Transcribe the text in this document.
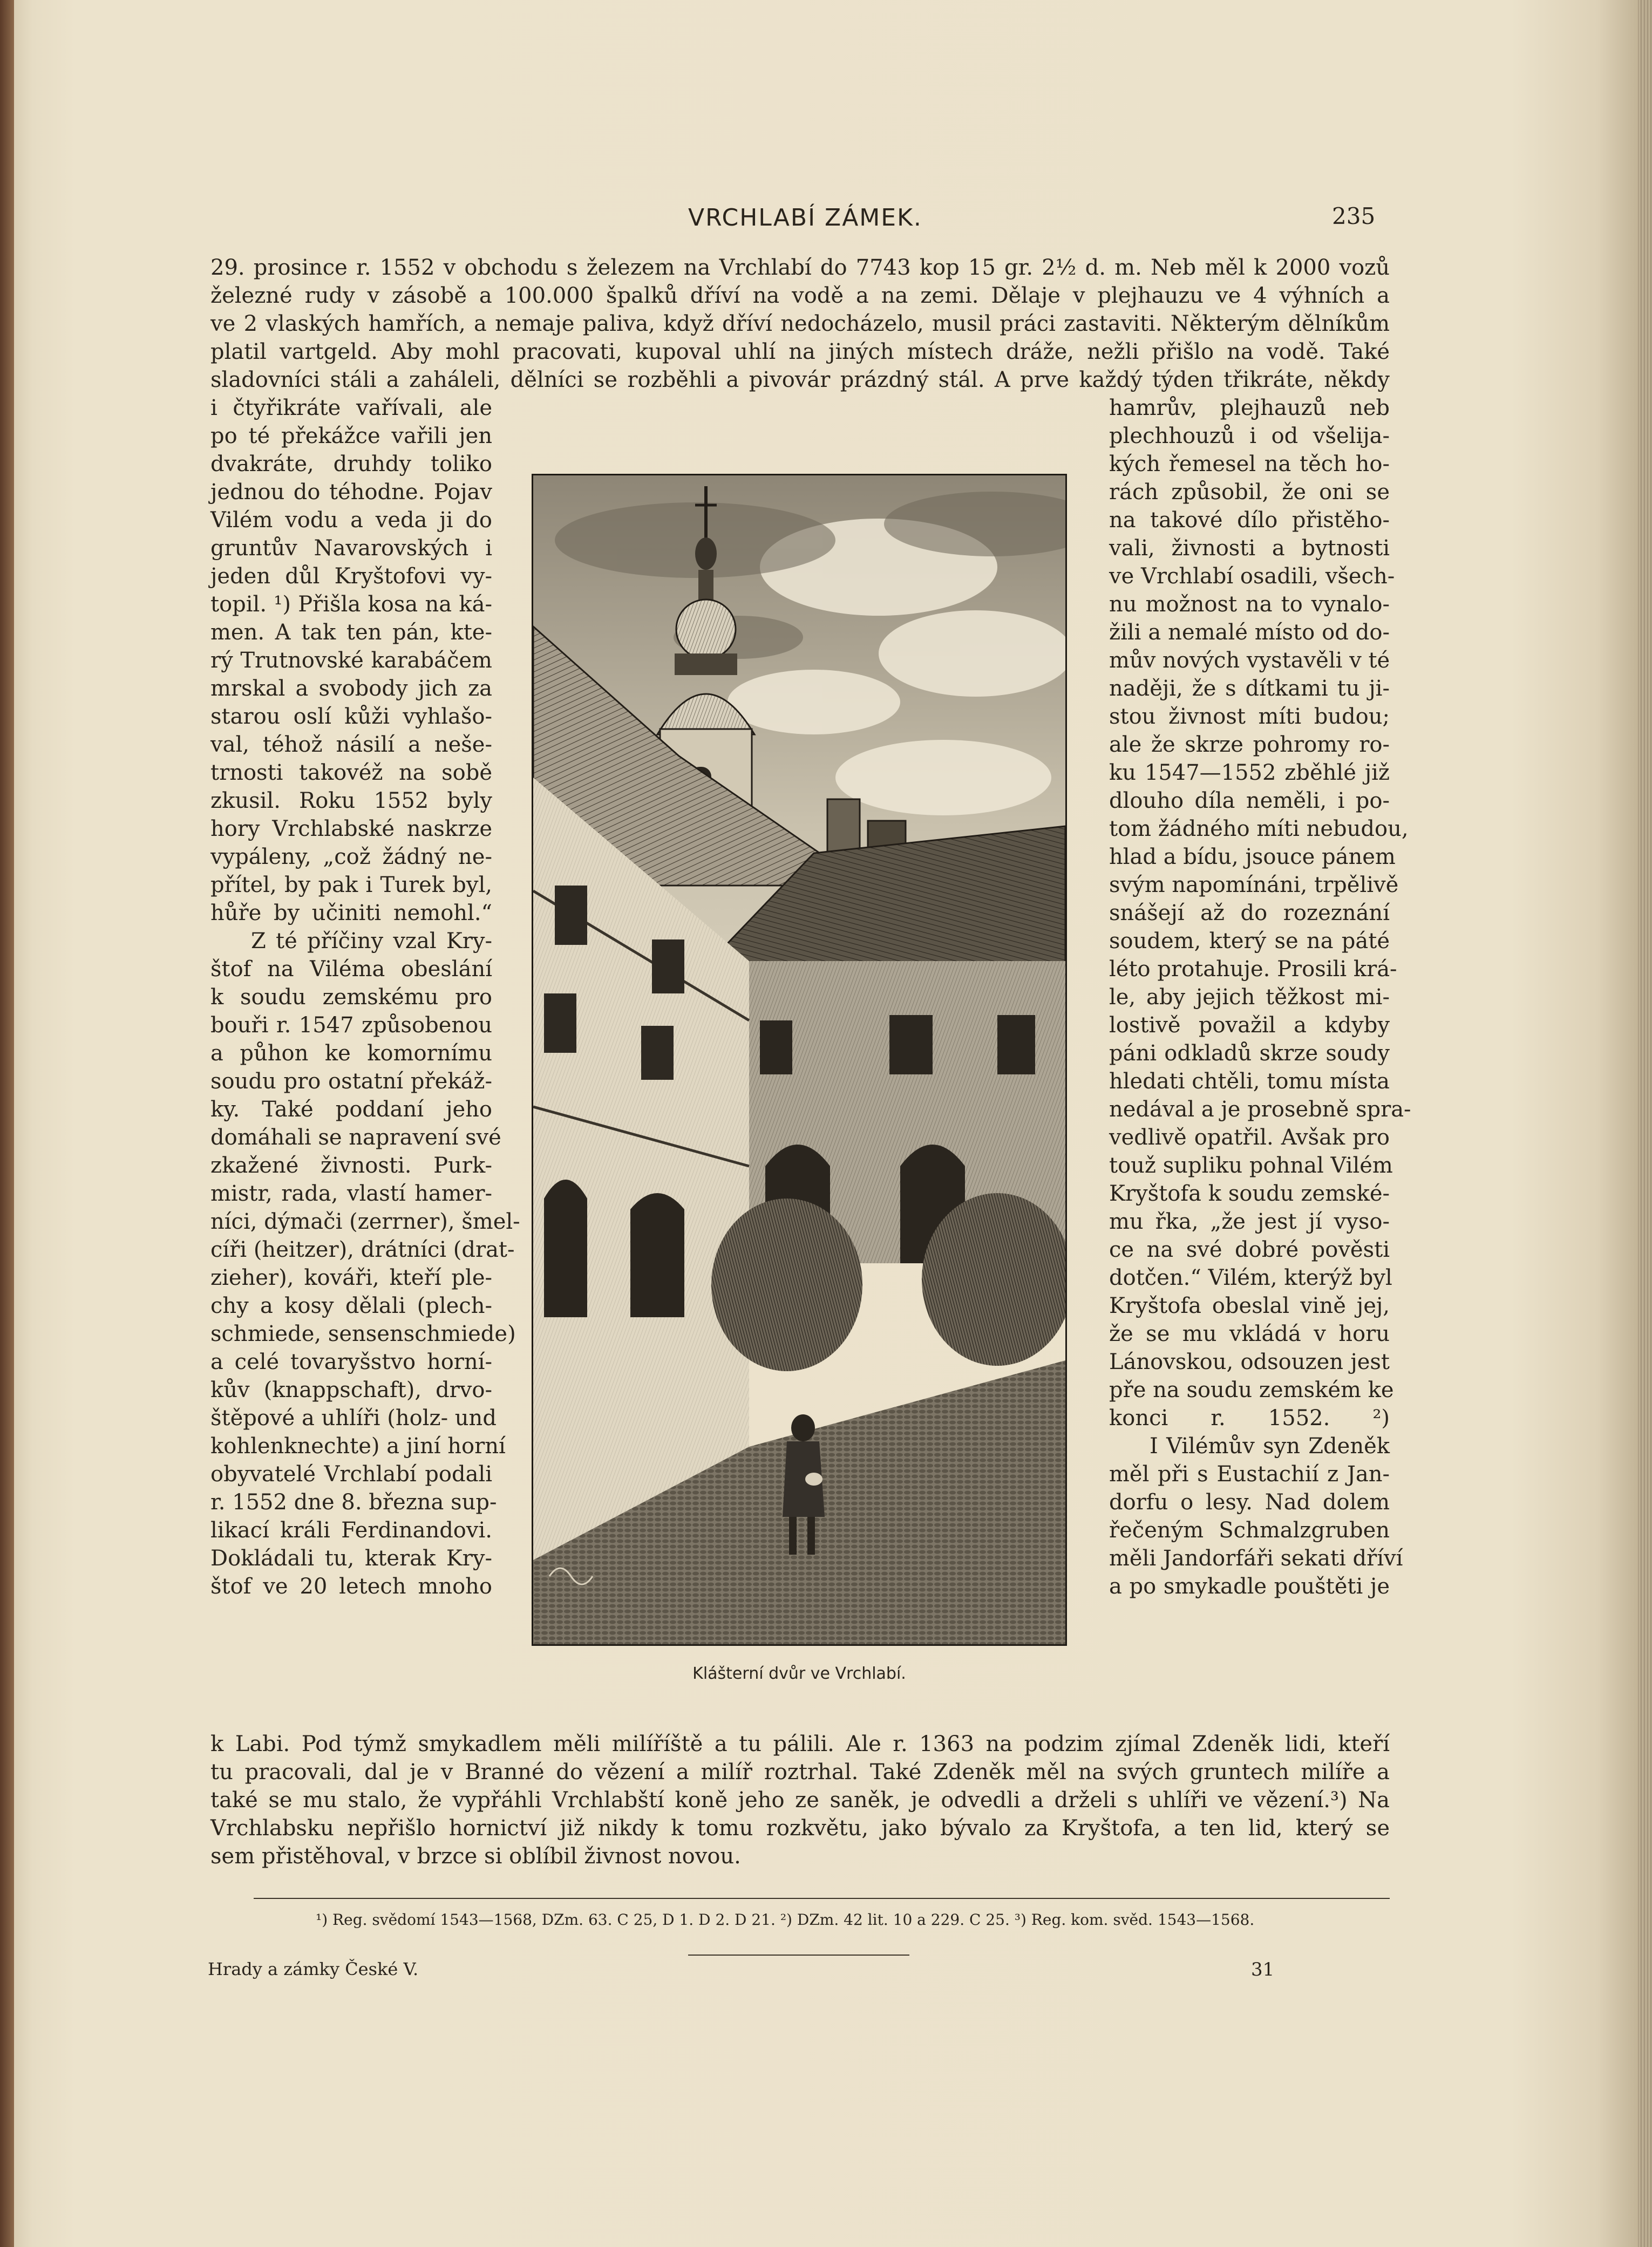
VRCHLABÍ ZÁMEK.	235
29. prosince r. 1552 v obchodu s železem na Vrchlabí do 7743 kop 15 gr. 2½ d. m. Neb měl k 2000 vozů
železné rudy v zásobě a 100.000 špalků dříví na vodě a na zemi. Dělaje v plejhauzu ve 4 výhních a
ve 2 vlaských hamřích, a nemaje paliva, když dříví nedocházelo, musil práci zastaviti. Některým dělníkům
platil vartgeld. Aby mohl pracovati, kupoval uhlí na jiných místech dráže, nežli přišlo na vodě. Také
sladovníci stáli a zaháleli, dělníci se rozběhli a pivovár prázdný stál. A prve každý týden třikráte, někdy
i čtyřikráte vařívali, ale
po té překážce vařili jen
dvakráte, druhdy toliko
jednou do téhodne. Pojav
Vilém vodu a veda ji do
gruntův Navarovských i
jeden důl Kryštofovi vy-
topil. ¹) Přišla kosa na ká-
men. A tak ten pán, kte-
rý Trutnovské karabáčem
mrskal a svobody jich za
starou oslí kůži vyhlašo-
val, téhož násilí a neše-
trnosti takovéž na sobě
zkusil. Roku 1552 byly
hory Vrchlabské naskrze
vypáleny, „což žádný ne-
přítel, by pak i Turek byl,
hůře by učiniti nemohl.“
Z té příčiny vzal Kry-
štof na Viléma obeslání
k soudu zemskému pro
bouři r. 1547 způsobenou
a půhon ke komornímu
soudu pro ostatní překáž-
ky. Také poddaní jeho
domáhali se napravení své
zkažené živnosti. Purk-
mistr, rada, vlastí hamer-
níci, dýmači (zerrner), šmel-
cíři (heitzer), drátníci (drat-
zieher), kováři, kteří ple-
chy a kosy dělali (plech-
schmiede, sensenschmiede)
a celé tovaryšstvo horní-
kův (knappschaft), drvo-
štěpové a uhlíři (holz- und
kohlenknechte) a jiní horní
obyvatelé Vrchlabí podali
r. 1552 dne 8. března sup-
likací králi Ferdinandovi.
Dokládali tu, kterak Kry-
štof ve 20 letech mnoho
hamrův, plejhauzů neb
plechhouzů i od všelija-
kých řemesel na těch ho-
rách způsobil, že oni se
na takové dílo přistěho-
vali, živnosti a bytnosti
ve Vrchlabí osadili, všech-
nu možnost na to vynalo-
žili a nemalé místo od do-
mův nových vystavěli v té
naději, že s dítkami tu ji-
stou živnost míti budou;
ale že skrze pohromy ro-
ku 1547—1552 zběhlé již
dlouho díla neměli, i po-
tom žádného míti nebudou,
hlad a bídu, jsouce pánem
svým napomínáni, trpělivě
snášejí až do rozeznání
soudem, který se na páté
léto protahuje. Prosili krá-
le, aby jejich těžkost mi-
lostivě považil a kdyby
páni odkladů skrze soudy
hledati chtěli, tomu místa
nedával a je prosebně spra-
vedlivě opatřil. Avšak pro
touž supliku pohnal Vilém
Kryštofa k soudu zemské-
mu řka, „že jest jí vyso-
ce na své dobré pověsti
dotčen.“ Vilém, kterýž byl
Kryštofa obeslal vině jej,
že se mu vkládá v horu
Lánovskou, odsouzen jest
pře na soudu zemském ke
konci r. 1552. ²)
I Vilémův syn Zdeněk
měl při s Eustachií z Jan-
dorfu o lesy. Nad dolem
řečeným Schmalzgruben
měli Jandorfáři sekati dříví
a po smykadle pouštěti je
k Labi. Pod týmž smykadlem měli milíříště a tu pálili. Ale r. 1363 na podzim zjímal Zdeněk lidi, kteří
tu pracovali, dal je v Branné do vězení a milíř roztrhal. Také Zdeněk měl na svých gruntech milíře a
také se mu stalo, že vypřáhli Vrchlabští koně jeho ze saněk, je odvedli a drželi s uhlíři ve vězení.³) Na
Vrchlabsku nepřišlo hornictví již nikdy k tomu rozkvětu, jako bývalo za Kryštofa, a ten lid, který se
sem přistěhoval, v brzce si oblíbil živnost novou.
Klášterní dvůr ve Vrchlabí.
¹) Reg. svědomí 1543—1568, DZm. 63. C 25, D 1. D 2. D 21. ²) DZm. 42 lit. 10 a 229. C 25. ³) Reg. kom. svěd. 1543—1568.
Hrady a zámky České V.	31
